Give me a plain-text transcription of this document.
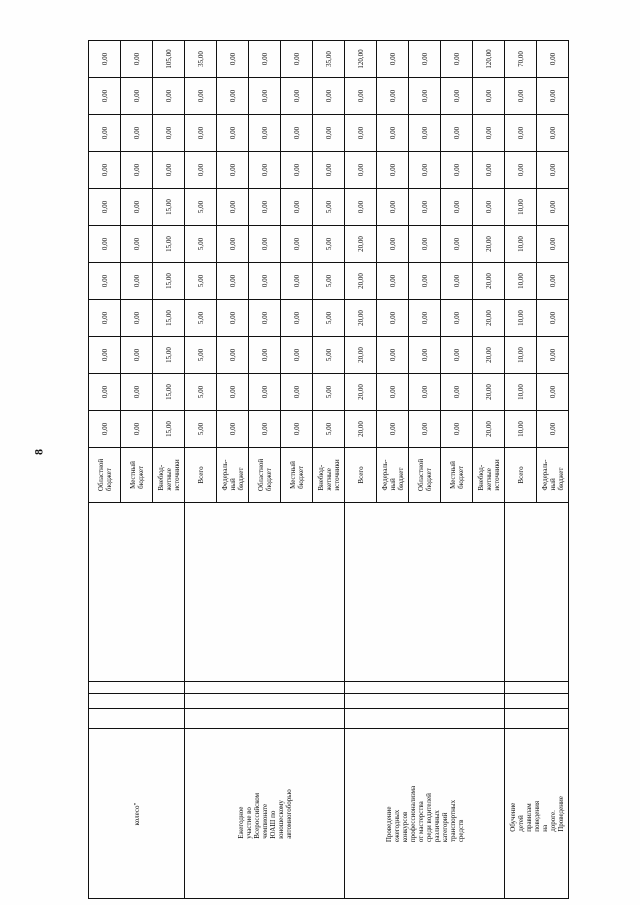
8
колесо"
Областной
бюджет
0,00
0,00
0,00
0,00
0,00
0,00
0,00
0,00
0,00
0,00
0,00
Местный
бюджет
0,00
0,00
0,00
0,00
0,00
0,00
0,00
0,00
0,00
0,00
0,00
Внебюд-
жетные
источники
15,00
15,00
15,00
15,00
15,00
15,00
15,00
0,00
0,00
0,00
105,00
Ежегодное
участие во
Всероссийском
чемпионате
ЮАШ по
юношескому
автомногоборью
Всего
5,00
5,00
5,00
5,00
5,00
5,00
5,00
0,00
0,00
0,00
35,00
Федераль-
ный
бюджет
0,00
0,00
0,00
0,00
0,00
0,00
0,00
0,00
0,00
0,00
0,00
Областной
бюджет
0,00
0,00
0,00
0,00
0,00
0,00
0,00
0,00
0,00
0,00
0,00
Местный
бюджет
0,00
0,00
0,00
0,00
0,00
0,00
0,00
0,00
0,00
0,00
0,00
Внебюд-
жетные
источники
5,00
5,00
5,00
5,00
5,00
5,00
5,00
0,00
0,00
0,00
35,00
Проведение
ежегодных
конкурсов
профессионализма
от мастерства
среди водителей
различных
категорий
транспортных
средств
Всего
20,00
20,00
20,00
20,00
20,00
20,00
0,00
0,00
0,00
0,00
120,00
Федераль-
ный
бюджет
0,00
0,00
0,00
0,00
0,00
0,00
0,00
0,00
0,00
0,00
0,00
Областной
бюджет
0,00
0,00
0,00
0,00
0,00
0,00
0,00
0,00
0,00
0,00
0,00
Местный
бюджет
0,00
0,00
0,00
0,00
0,00
0,00
0,00
0,00
0,00
0,00
0,00
Внебюд-
жетные
источники
20,00
20,00
20,00
20,00
20,00
20,00
0,00
0,00
0,00
0,00
120,00
Обучение детей
правилам
поведения на
дороге.
Проведение
Всего
10,00
10,00
10,00
10,00
10,00
10,00
10,00
0,00
0,00
0,00
70,00
Федераль-
ный
бюджет
0,00
0,00
0,00
0,00
0,00
0,00
0,00
0,00
0,00
0,00
0,00
